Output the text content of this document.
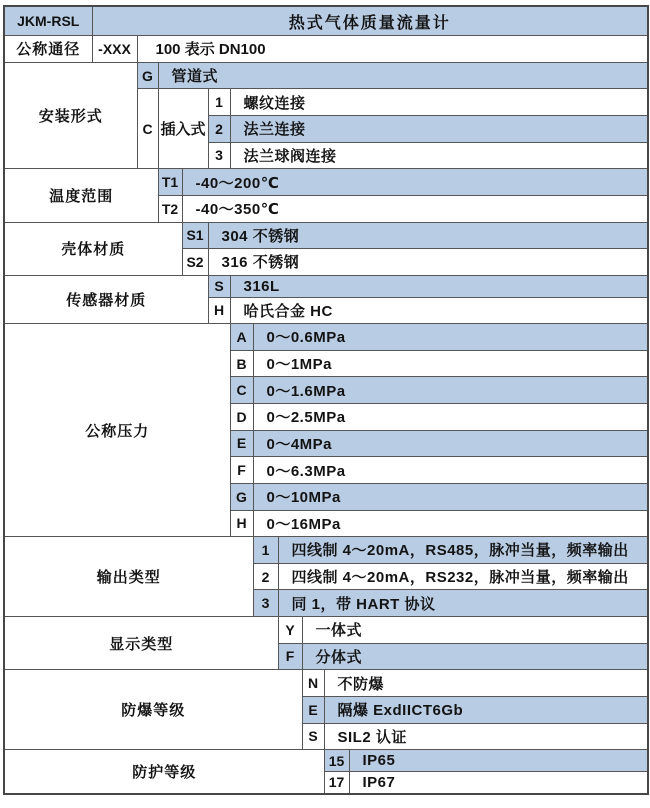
JKM-RSL	热式气体质量流量计										
公称通径	-XXX	100 表示 DN100									
安装形式		G	管道式								
		C	插入式		1	螺纹连接					
					2	法兰连接					
					3	法兰球阀连接					
温度范围			T1	-40～200℃							
			T2	-40～350℃							
壳体材质				S1	304 不锈钢						
				S2	316 不锈钢						
传感器材质					S	316L					
					H	哈氏合金 HC					
公称压力						A	0～0.6MPa				
						B	0～1MPa				
						C	0～1.6MPa				
						D	0～2.5MPa				
						E	0～4MPa				
						F	0～6.3MPa				
						G	0～10MPa				
						H	0～16MPa				
输出类型							1	四线制 4～20mA，RS485，脉冲当量，频率输出			
							2	四线制 4～20mA，RS232，脉冲当量，频率输出			
							3	同 1，带 HART 协议			
显示类型								Y	一体式		
								F	分体式		
防爆等级									N	不防爆	
									E	隔爆 ExdIICT6Gb	
									S	SIL2 认证	
防护等级										15	IP65
										17	IP67
